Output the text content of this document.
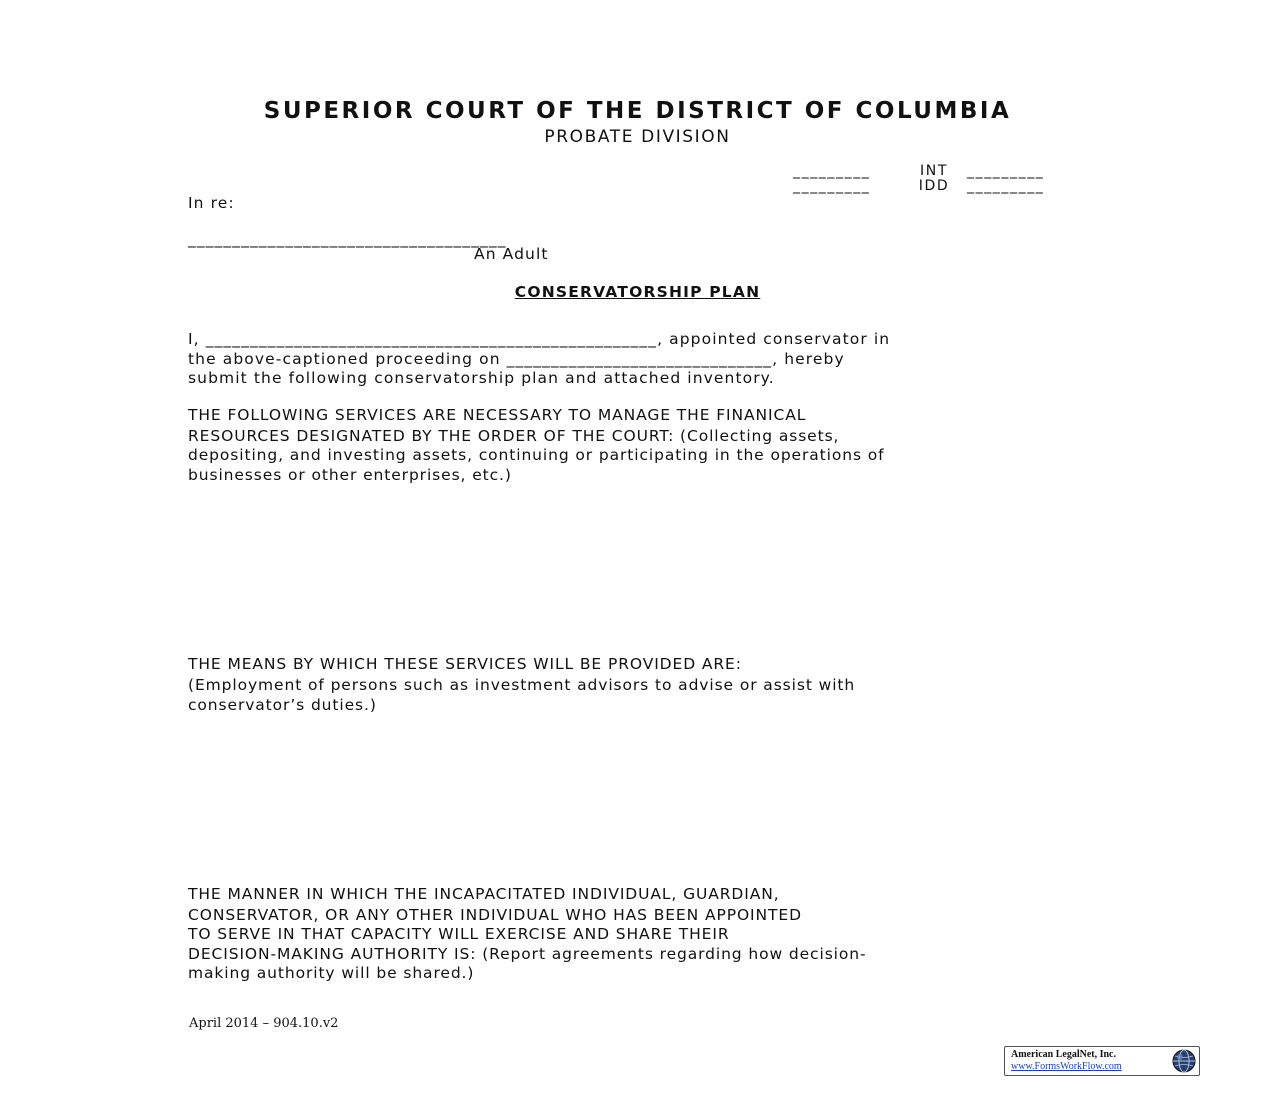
SUPERIOR COURT OF THE DISTRICT OF COLUMBIA
PROBATE DIVISION
_________	INT _________
_________	IDD _________
In re:
____________________________________
An Adult
CONSERVATORSHIP PLAN
I, ___________________________________________________, appointed conservator in
the above-captioned proceeding on ______________________________, hereby
submit the following conservatorship plan and attached inventory.
THE FOLLOWING SERVICES ARE NECESSARY TO MANAGE THE FINANICAL
RESOURCES DESIGNATED BY THE ORDER OF THE COURT: (Collecting assets,
depositing, and investing assets, continuing or participating in the operations of
businesses or other enterprises, etc.)
THE MEANS BY WHICH THESE SERVICES WILL BE PROVIDED ARE:
(Employment of persons such as investment advisors to advise or assist with
conservator’s duties.)
THE MANNER IN WHICH THE INCAPACITATED INDIVIDUAL, GUARDIAN,
CONSERVATOR, OR ANY OTHER INDIVIDUAL WHO HAS BEEN APPOINTED
TO SERVE IN THAT CAPACITY WILL EXERCISE AND SHARE THEIR
DECISION-MAKING AUTHORITY IS: (Report agreements regarding how decision-
making authority will be shared.)
April 2014 – 904.10.v2
American LegalNet, Inc.
www.FormsWorkFlow.com
